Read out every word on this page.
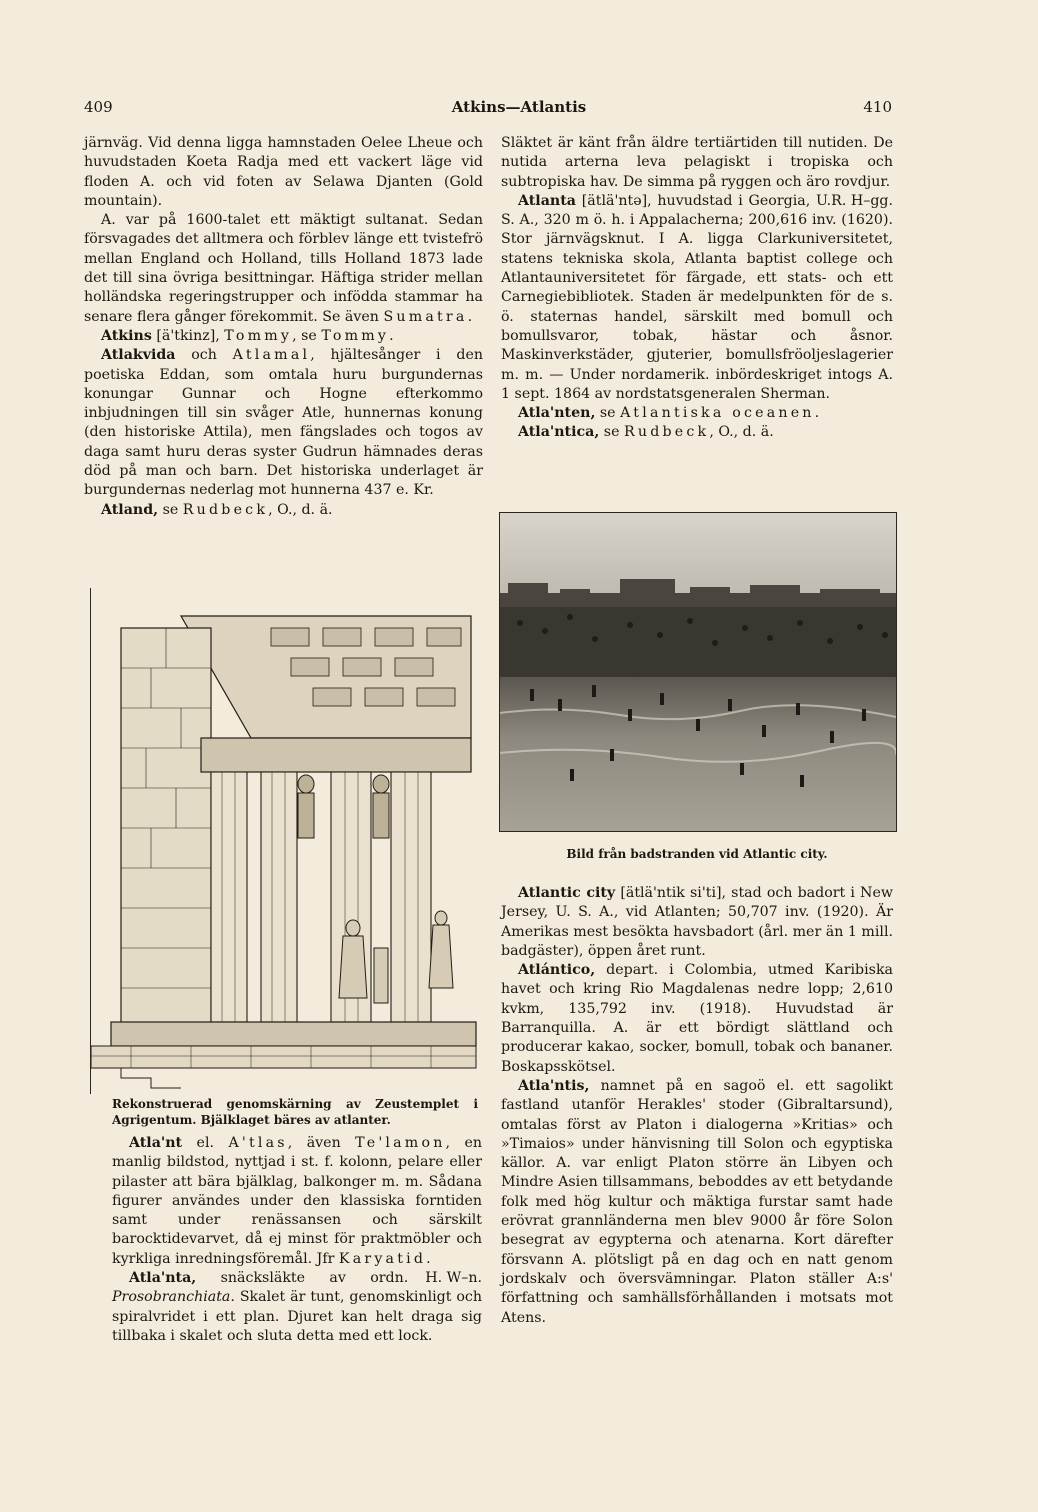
409	Atkins—Atlantis	410

järnväg. Vid denna ligga hamnstaden Oelee Lheue och huvudstaden Koeta Radja med ett vackert läge vid floden A. och vid foten av Selawa Djanten (Gold mountain).

A. var på 1600-talet ett mäktigt sultanat. Sedan försvagades det alltmera och förblev länge ett tvistefrö mellan England och Holland, tills Holland 1873 lade det till sina övriga besittningar. Häftiga strider mellan holländska regeringstrupper och infödda stammar ha senare flera gånger förekommit. Se även Sumatra.

Atkins [ä'tkinz], Tommy, se Tommy.

Atlakvida och Atlamal, hjältesånger i den poetiska Eddan, som omtala huru burgundernas konungar Gunnar och Hogne efterkommo inbjudningen till sin svåger Atle, hunnernas konung (den historiske Attila), men fängslades och togos av daga samt huru deras syster Gudrun hämnades deras död på man och barn. Det historiska underlaget är burgundernas nederlag mot hunnerna 437 e. Kr.

Atland, se Rudbeck, O., d. ä.

Rekonstruerad genomskärning av Zeustemplet i Agrigentum. Bjälklaget bäres av atlanter.

Atla'nt el. A'tlas, även Te'lamon, en manlig bildstod, nyttjad i st. f. kolonn, pelare eller pilaster att bära bjälklag, balkonger m. m. Sådana figurer användes under den klassiska forntiden samt under renässansen och särskilt barocktidevarvet, då ej minst för praktmöbler och kyrkliga inredningsföremål. Jfr Karyatid.
H. W–n.

Atla'nta, snäcksläkte av ordn. Prosobranchiata. Skalet är tunt, genomskinligt och spiralvridet i ett plan. Djuret kan helt draga sig tillbaka i skalet och sluta detta med ett lock.

Släktet är känt från äldre tertiärtiden till nutiden. De nutida arterna leva pelagiskt i tropiska och subtropiska hav. De simma på ryggen och äro rovdjur.
R. H–gg.

Atlanta [ätlä'ntə], huvudstad i Georgia, U. S. A., 320 m ö. h. i Appalacherna; 200,616 inv. (1620). Stor järnvägsknut. I A. ligga Clarkuniversitetet, statens tekniska skola, Atlanta baptist college och Atlantauniversitetet för färgade, ett stats- och ett Carnegiebibliotek. Staden är medelpunkten för de s. ö. staternas handel, särskilt med bomull och bomullsvaror, tobak, hästar och åsnor. Maskinverkstäder, gjuterier, bomullsfröoljeslagerier m. m. — Under nordamerik. inbördeskriget intogs A. 1 sept. 1864 av nordstatsgeneralen Sherman.

Atla'nten, se Atlantiska oceanen.

Atla'ntica, se Rudbeck, O., d. ä.

Bild från badstranden vid Atlantic city.

Atlantic city [ätlä'ntik si'ti], stad och badort i New Jersey, U. S. A., vid Atlanten; 50,707 inv. (1920). Är Amerikas mest besökta havsbadort (årl. mer än 1 mill. badgäster), öppen året runt.

Atlántico, depart. i Colombia, utmed Karibiska havet och kring Rio Magdalenas nedre lopp; 2,610 kvkm, 135,792 inv. (1918). Huvudstad är Barranquilla. A. är ett bördigt slättland och producerar kakao, socker, bomull, tobak och bananer. Boskapsskötsel.

Atla'ntis, namnet på en sagoö el. ett sagolikt fastland utanför Herakles' stoder (Gibraltarsund), omtalas först av Platon i dialogerna »Kritias» och »Timaios» under hänvisning till Solon och egyptiska källor. A. var enligt Platon större än Libyen och Mindre Asien tillsammans, beboddes av ett betydande folk med hög kultur och mäktiga furstar samt hade erövrat grannländerna men blev 9000 år före Solon besegrat av egypterna och atenarna. Kort därefter försvann A. plötsligt på en dag och en natt genom jordskalv och översvämningar. Platon ställer A:s' författning och samhällsförhållanden i motsats mot Atens.
